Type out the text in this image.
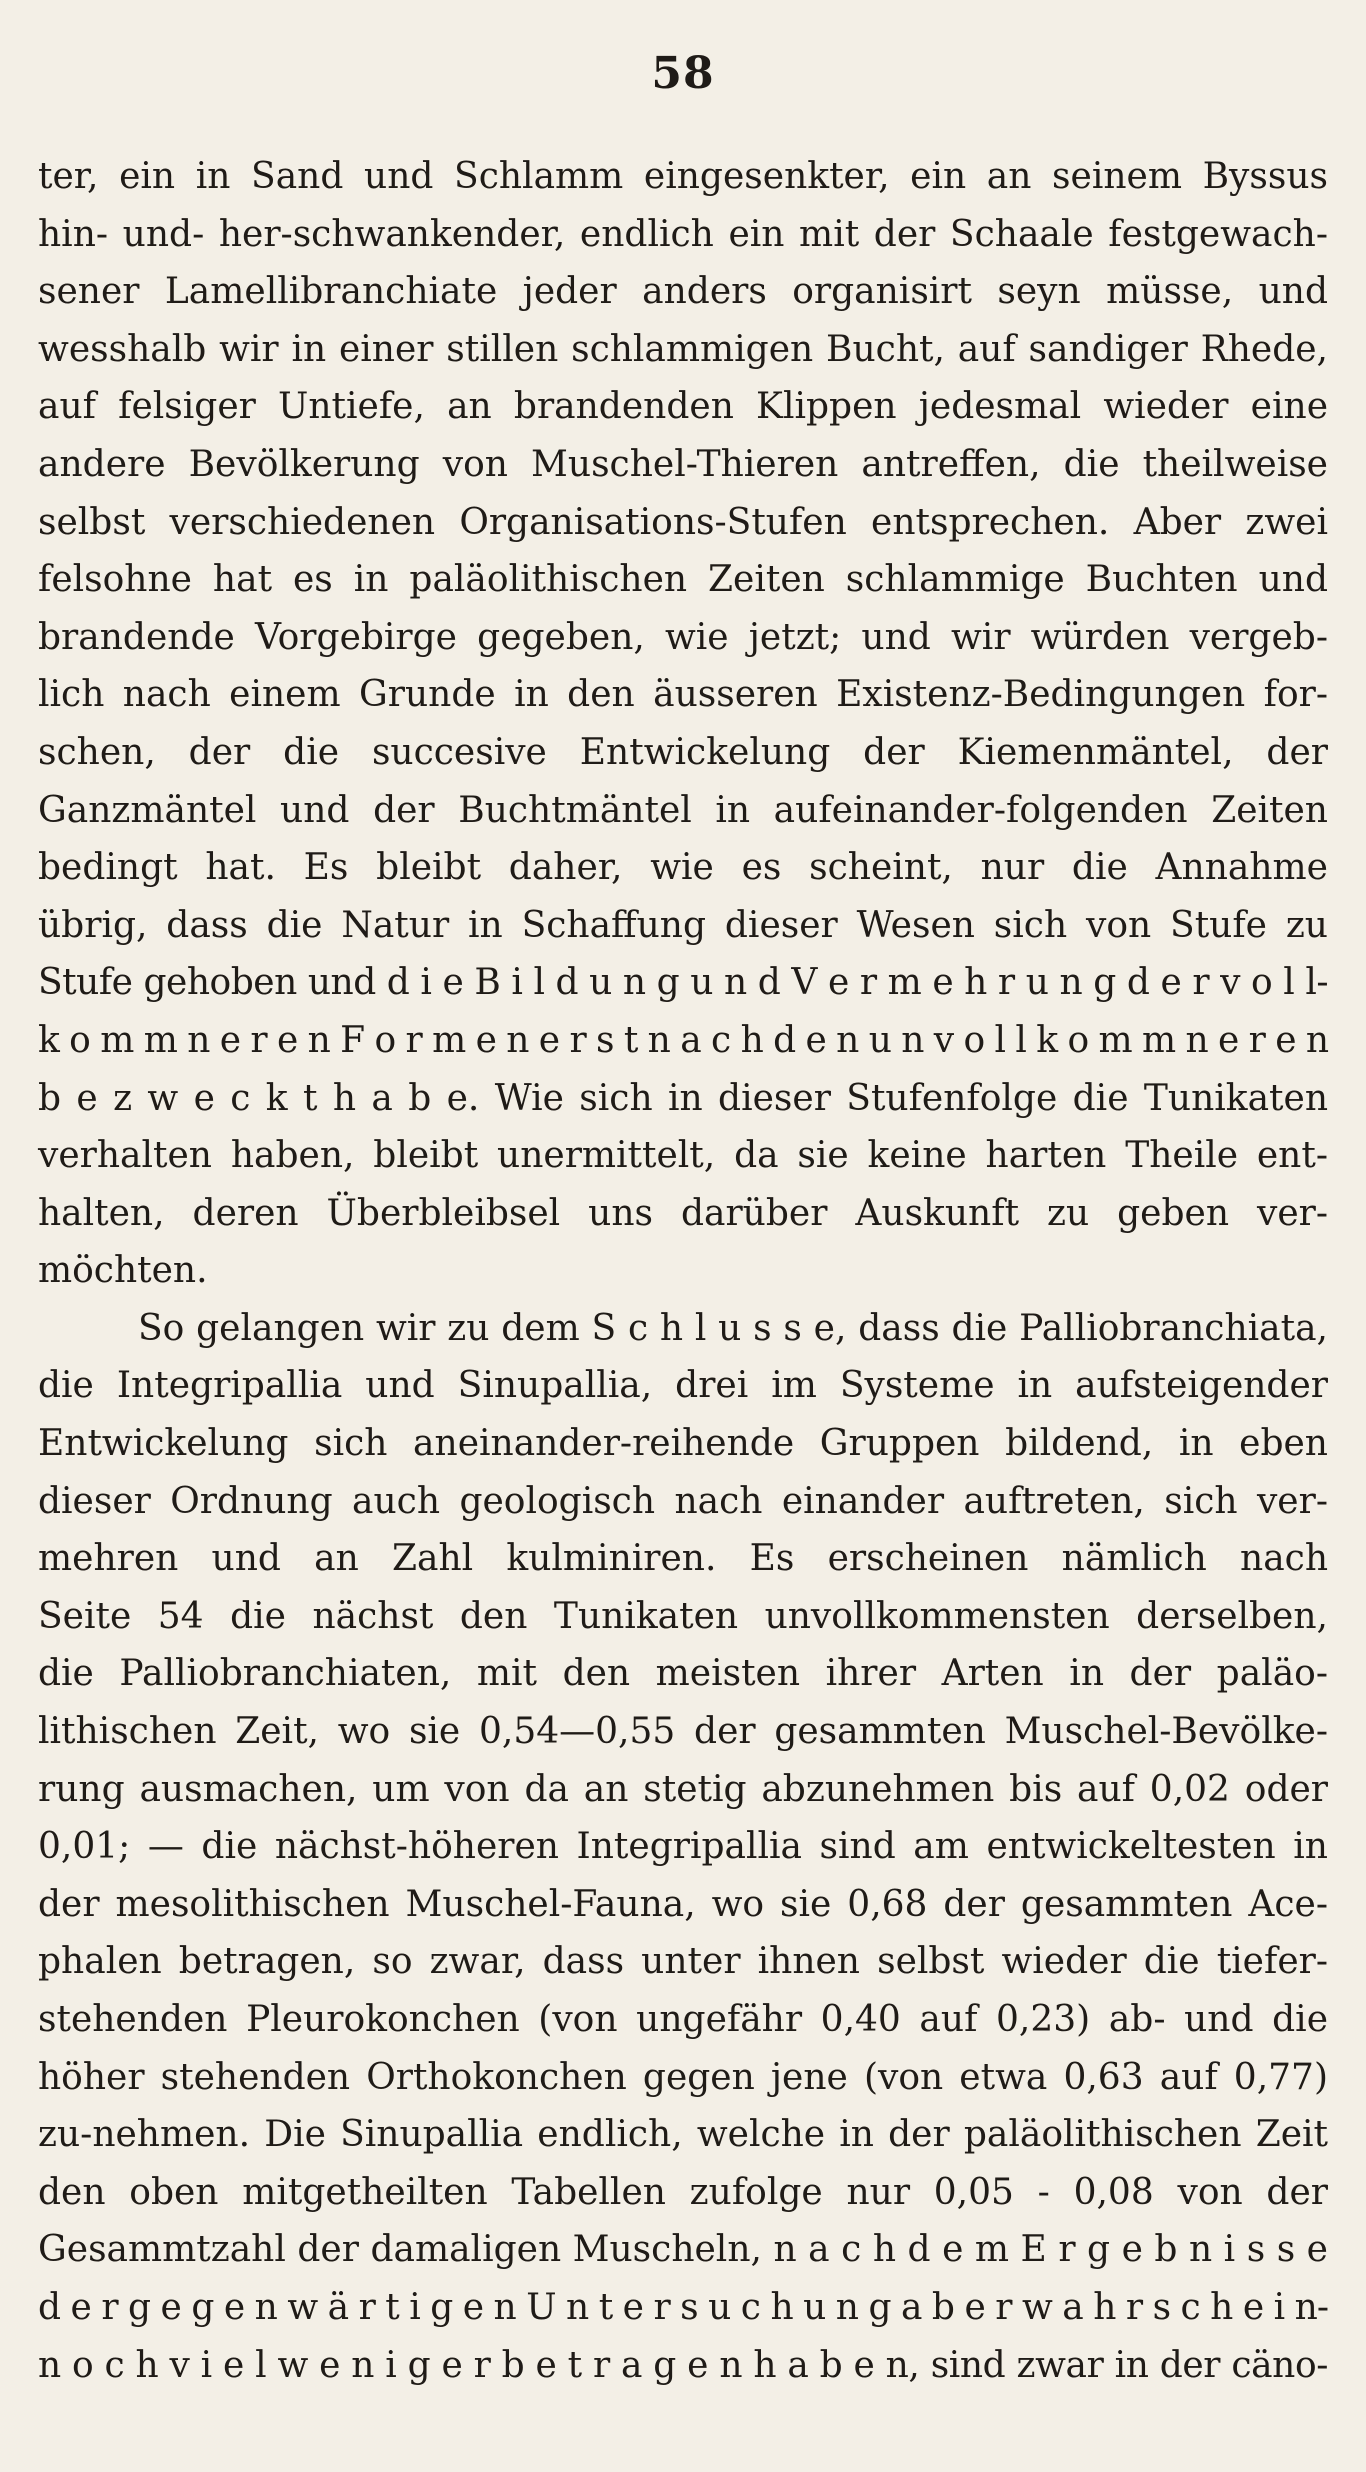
58
ter, ein in Sand und Schlamm eingesenkter, ein an seinem Byssus
hin- und- her-schwankender, endlich ein mit der Schaale festgewach-
sener Lamellibranchiate jeder anders organisirt seyn müsse, und
wesshalb wir in einer stillen schlammigen Bucht, auf sandiger Rhede,
auf felsiger Untiefe, an brandenden Klippen jedesmal wieder eine
andere Bevölkerung von Muschel-Thieren antreffen, die theilweise
selbst verschiedenen Organisations-Stufen entsprechen. Aber zwei
felsohne hat es in paläolithischen Zeiten schlammige Buchten und
brandende Vorgebirge gegeben, wie jetzt; und wir würden vergeb-
lich nach einem Grunde in den äusseren Existenz-Bedingungen for-
schen, der die succesive Entwickelung der Kiemenmäntel, der
Ganzmäntel und der Buchtmäntel in aufeinander-folgenden Zeiten
bedingt hat. Es bleibt daher, wie es scheint, nur die Annahme
übrig, dass die Natur in Schaffung dieser Wesen sich von Stufe zu
Stufe gehoben und d i e B i l d u n g u n d V e r m e h r u n g d e r v o l l-
k o m m n e r e n F o r m e n e r s t n a c h d e n u n v o l l k o m m n e r e n
b e z w e c k t h a b e. Wie sich in dieser Stufenfolge die Tunikaten
verhalten haben, bleibt unermittelt, da sie keine harten Theile ent-
halten, deren Überbleibsel uns darüber Auskunft zu geben ver-
möchten.
So gelangen wir zu dem S c h l u s s e, dass die Palliobranchiata,
die Integripallia und Sinupallia, drei im Systeme in aufsteigender
Entwickelung sich aneinander-reihende Gruppen bildend, in eben
dieser Ordnung auch geologisch nach einander auftreten, sich ver-
mehren und an Zahl kulminiren. Es erscheinen nämlich nach
Seite 54 die nächst den Tunikaten unvollkommensten derselben,
die Palliobranchiaten, mit den meisten ihrer Arten in der paläo-
lithischen Zeit, wo sie 0,54—0,55 der gesammten Muschel-Bevölke-
rung ausmachen, um von da an stetig abzunehmen bis auf 0,02 oder
0,01; — die nächst-höheren Integripallia sind am entwickeltesten in
der mesolithischen Muschel-Fauna, wo sie 0,68 der gesammten Ace-
phalen betragen, so zwar, dass unter ihnen selbst wieder die tiefer-
stehenden Pleurokonchen (von ungefähr 0,40 auf 0,23) ab- und die
höher stehenden Orthokonchen gegen jene (von etwa 0,63 auf 0,77)
zu-nehmen. Die Sinupallia endlich, welche in der paläolithischen Zeit
den oben mitgetheilten Tabellen zufolge nur 0,05 - 0,08 von der
Gesammtzahl der damaligen Muscheln, n a c h d e m E r g e b n i s s e
d e r g e g e n w ä r t i g e n U n t e r s u c h u n g a b e r w a h r s c h e i n-
n o c h v i e l w e n i g e r b e t r a g e n h a b e n, sind zwar in der cäno-
